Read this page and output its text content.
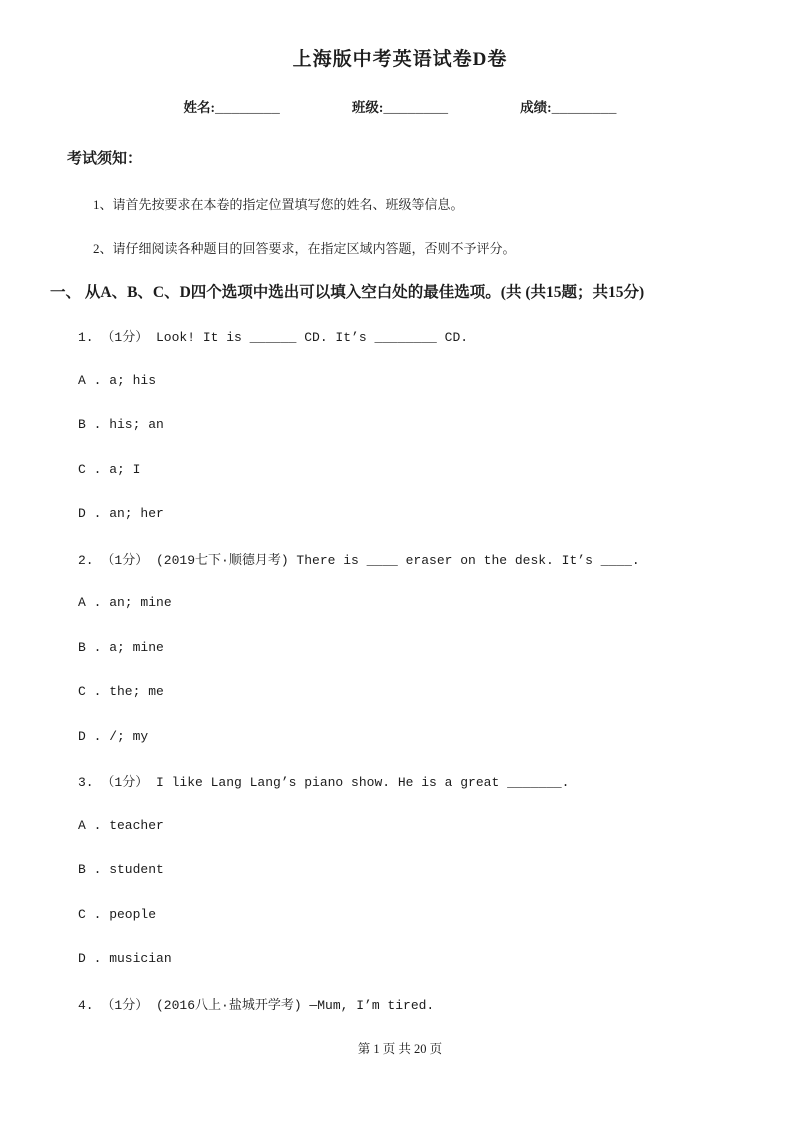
上海版中考英语试卷D卷
姓名:________	班级:________	成绩:________
考试须知：

1、请首先按要求在本卷的指定位置填写您的姓名、班级等信息。

2、请仔细阅读各种题目的回答要求，在指定区域内答题，否则不予评分。

一、 从A、B、C、D四个选项中选出可以填入空白处的最佳选项。(共 (共15题；共15分)
1. （1分） Look! It is ______ CD. It’s ________ CD.
A . a; his
B . his; an
C . a; I
D . an; her
2. （1分） (2019七下·顺德月考) There is ____ eraser on the desk. It’s ____.
A . an; mine
B . a; mine
C . the; me
D . /; my
3. （1分） I like Lang Lang’s piano show. He is a great _______.
A . teacher
B . student
C . people
D . musician
4. （1分） (2016八上·盐城开学考) —Mum, I’m tired.
第 1 页 共 20 页
